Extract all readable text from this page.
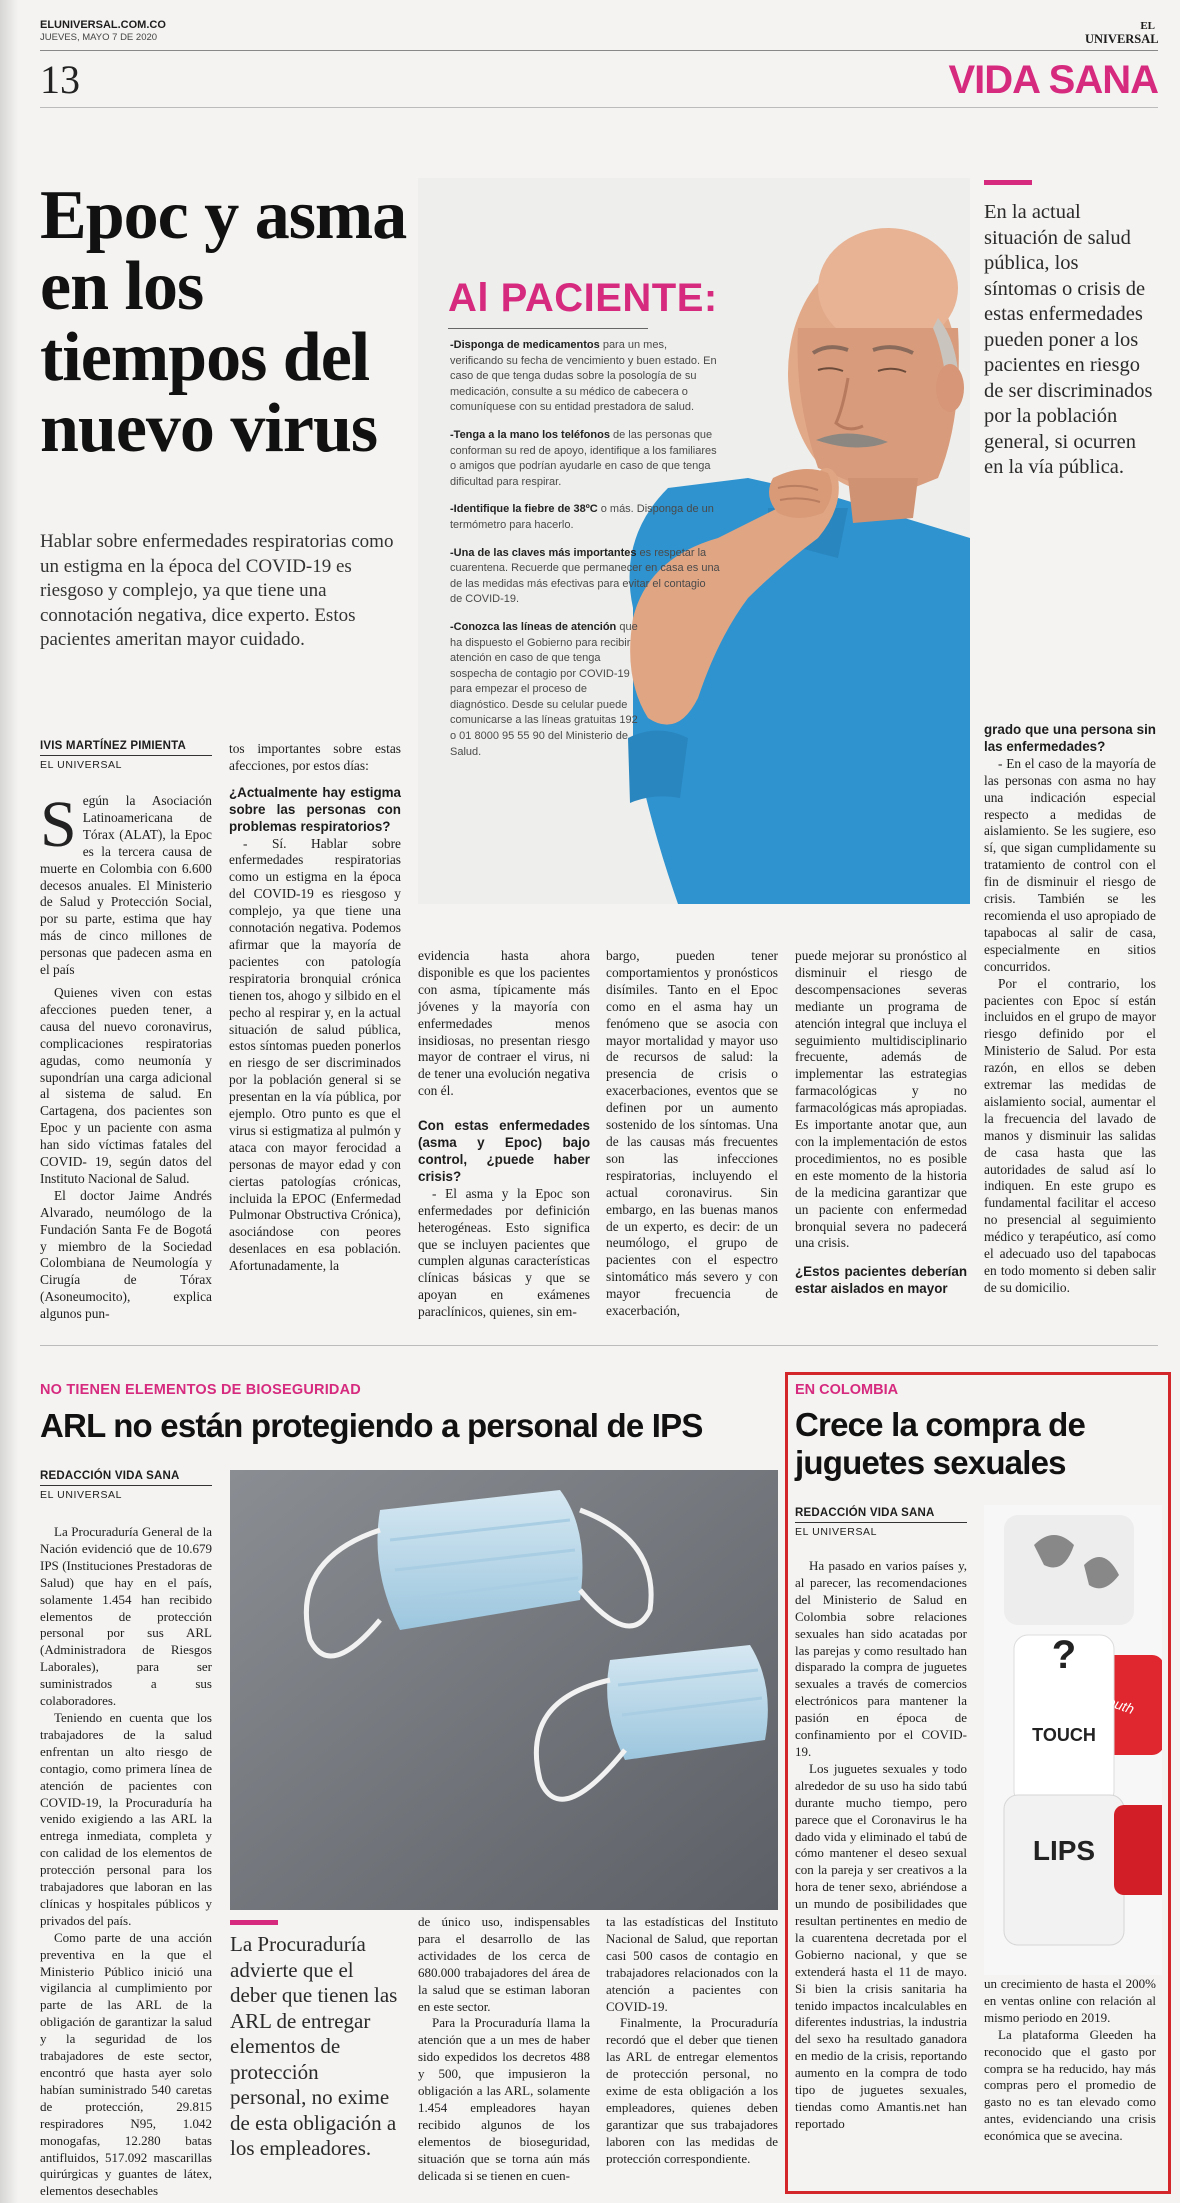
ELUNIVERSAL.COM.CO
JUEVES, MAYO 7 DE 2020
EL
UNIVERSAL
13	VIDA SANA
Epoc y asma en los tiempos del nuevo virus
Hablar sobre enfermedades respiratorias como un estigma en la época del COVID-19 es riesgoso y complejo, ya que tiene una connotación negativa, dice experto. Estos pacientes ameritan mayor cuidado.
Al PACIENTE:

-Disponga de medicamentos para un mes, verificando su fecha de vencimiento y buen estado. En caso de que tenga dudas sobre la posología de su medicación, consulte a su médico de cabecera o comuníquese con su entidad prestadora de salud.

-Tenga a la mano los teléfonos de las personas que conforman su red de apoyo, identifique a los familiares o amigos que podrían ayudarle en caso de que tenga dificultad para respirar.

-Identifique la fiebre de 38ºC o más. Disponga de un termómetro para hacerlo.

-Una de las claves más importantes es respetar la cuarentena. Recuerde que permanecer en casa es una de las medidas más efectivas para evitar el contagio de COVID-19.

-Conozca las líneas de atención que ha dispuesto el Gobierno para recibir atención en caso de que tenga sospecha de contagio por COVID-19 para empezar el proceso de diagnóstico. Desde su celular puede comunicarse a las líneas gratuitas 192 o 01 8000 95 55 90 del Ministerio de Salud.

En la actual situación de salud pública, los síntomas o crisis de estas enfermedades pueden poner a los pacientes en riesgo de ser discriminados por la población general, si ocurren en la vía pública.
IVIS MARTÍNEZ PIMIENTA
EL UNIVERSAL
S egún la Asociación Latinoamericana de Tórax (ALAT), la Epoc es la tercera causa de muerte en Colombia con 6.600 decesos anuales. El Ministerio de Salud y Protección Social, por su parte, estima que hay más de cinco millones de personas que padecen asma en el país

Quienes viven con estas afecciones pueden tener, a causa del nuevo coronavirus, complicaciones respiratorias agudas, como neumonía y supondrían una carga adicional al sistema de salud. En Cartagena, dos pacientes son Epoc y un paciente con asma han sido víctimas fatales del COVID- 19, según datos del Instituto Nacional de Salud.

El doctor Jaime Andrés Alvarado, neumólogo de la Fundación Santa Fe de Bogotá y miembro de la Sociedad Colombiana de Neumología y Cirugía de Tórax (Asoneumocito), explica algunos pun-

tos importantes sobre estas afecciones, por estos días:

¿Actualmente hay estigma sobre las personas con problemas respiratorios?

- Sí. Hablar sobre enfermedades respiratorias como un estigma en la época del COVID-19 es riesgoso y complejo, ya que tiene una connotación negativa. Podemos afirmar que la mayoría de pacientes con patología respiratoria bronquial crónica tienen tos, ahogo y silbido en el pecho al respirar y, en la actual situación de salud pública, estos síntomas pueden ponerlos en riesgo de ser discriminados por la población general si se presentan en la vía pública, por ejemplo. Otro punto es que el virus si estigmatiza al pulmón y ataca con mayor ferocidad a personas de mayor edad y con ciertas patologías crónicas, incluida la EPOC (Enfermedad Pulmonar Obstructiva Crónica), asociándose con peores desenlaces en esa población. Afortunadamente, la

evidencia hasta ahora disponible es que los pacientes con asma, típicamente más jóvenes y la mayoría con enfermedades menos insidiosas, no presentan riesgo mayor de contraer el virus, ni de tener una evolución negativa con él.

Con estas enfermedades (asma y Epoc) bajo control, ¿puede haber crisis?

- El asma y la Epoc son enfermedades por definición heterogéneas. Esto significa que se incluyen pacientes que cumplen algunas características clínicas básicas y que se apoyan en exámenes paraclínicos, quienes, sin em-

bargo, pueden tener comportamientos y pronósticos disímiles. Tanto en el Epoc como en el asma hay un fenómeno que se asocia con mayor mortalidad y mayor uso de recursos de salud: la presencia de crisis o exacerbaciones, eventos que se definen por un aumento sostenido de los síntomas. Una de las causas más frecuentes son las infecciones respiratorias, incluyendo el actual coronavirus. Sin embargo, en las buenas manos de un experto, es decir: de un neumólogo, el grupo de pacientes con el espectro sintomático más severo y con mayor frecuencia de exacerbación,

puede mejorar su pronóstico al disminuir el riesgo de descompensaciones severas mediante un programa de atención integral que incluya el seguimiento multidisciplinario frecuente, además de implementar las estrategias farmacológicas y no farmacológicas más apropiadas. Es importante anotar que, aun con la implementación de estos procedimientos, no es posible en este momento de la historia de la medicina garantizar que un paciente con enfermedad bronquial severa no padecerá una crisis.

¿Estos pacientes deberían estar aislados en mayor

grado que una persona sin las enfermedades?

- En el caso de la mayoría de las personas con asma no hay una indicación especial respecto a medidas de aislamiento. Se les sugiere, eso sí, que sigan cumplidamente su tratamiento de control con el fin de disminuir el riesgo de crisis. También se les recomienda el uso apropiado de tapabocas al salir de casa, especialmente en sitios concurridos.

Por el contrario, los pacientes con Epoc sí están incluidos en el grupo de mayor riesgo definido por el Ministerio de Salud. Por esta razón, en ellos se deben extremar las medidas de aislamiento social, aumentar el la frecuencia del lavado de manos y disminuir las salidas de casa hasta que las autoridades de salud así lo indiquen. En este grupo es fundamental facilitar el acceso no presencial al seguimiento médico y terapéutico, así como el adecuado uso del tapabocas en todo momento si deben salir de su domicilio.

NO TIENEN ELEMENTOS DE BIOSEGURIDAD
ARL no están protegiendo a personal de IPS
REDACCIÓN VIDA SANA
EL UNIVERSAL

La Procuraduría General de la Nación evidenció que de 10.679 IPS (Instituciones Prestadoras de Salud) que hay en el país, solamente 1.454 han recibido elementos de protección personal por sus ARL (Administradora de Riesgos Laborales), para ser suministrados a sus colaboradores.

Teniendo en cuenta que los trabajadores de la salud enfrentan un alto riesgo de contagio, como primera línea de atención de pacientes con COVID-19, la Procuraduría ha venido exigiendo a las ARL la entrega inmediata, completa y con calidad de los elementos de protección personal para los trabajadores que laboran en las clínicas y hospitales públicos y privados del país.

Como parte de una acción preventiva en la que el Ministerio Público inició una vigilancia al cumplimiento por parte de las ARL de la obligación de garantizar la salud y la seguridad de los trabajadores de este sector, encontró que hasta ayer solo habían suministrado 540 caretas de protección, 29.815 respiradores N95, 1.042 monogafas, 12.280 batas antifluidos, 517.092 mascarillas quirúrgicas y guantes de látex, elementos desechables

La Procuraduría advierte que el deber que tienen las ARL de entregar elementos de protección personal, no exime de esta obligación a los empleadores.

de único uso, indispensables para el desarrollo de las actividades de los cerca de 680.000 trabajadores del área de la salud que se estiman laboran en este sector.

Para la Procuraduría llama la atención que a un mes de haber sido expedidos los decretos 488 y 500, que impusieron la obligación a las ARL, solamente 1.454 empleadores hayan recibido algunos de los elementos de bioseguridad, situación que se torna aún más delicada si se tienen en cuen-

ta las estadísticas del Instituto Nacional de Salud, que reportan casi 500 casos de contagio en trabajadores relacionados con la atención a pacientes con COVID-19.

Finalmente, la Procuraduría recordó que el deber que tienen las ARL de entregar elementos de protección personal, no exime de esta obligación a los empleadores, quienes deben garantizar que sus trabajadores laboren con las medidas de protección correspondiente.

EN COLOMBIA
Crece la compra de juguetes sexuales
REDACCIÓN VIDA SANA
EL UNIVERSAL

Ha pasado en varios países y, al parecer, las recomendaciones del Ministerio de Salud en Colombia sobre relaciones sexuales han sido acatadas por las parejas y como resultado han disparado la compra de juguetes sexuales a través de comercios electrónicos para mantener la pasión en época de confinamiento por el COVID-19.

Los juguetes sexuales y todo alrededor de su uso ha sido tabú durante mucho tiempo, pero parece que el Coronavirus le ha dado vida y eliminado el tabú de cómo mantener el deseo sexual con la pareja y ser creativos a la hora de tener sexo, abriéndose a un mundo de posibilidades que resultan pertinentes en medio de la cuarentena decretada por el Gobierno nacional, y que se extenderá hasta el 11 de mayo. Si bien la crisis sanitaria ha tenido impactos incalculables en diferentes industrias, la industria del sexo ha resultado ganadora en medio de la crisis, reportando aumento en la compra de todo tipo de juguetes sexuales, tiendas como Amantis.net han reportado

?
TOUCH
LIPS
mouth

un crecimiento de hasta el 200% en ventas online con relación al mismo periodo en 2019.

La plataforma Gleeden ha reconocido que el gasto por compra se ha reducido, hay más compras pero el promedio de gasto no es tan elevado como antes, evidenciando una crisis económica que se avecina.
